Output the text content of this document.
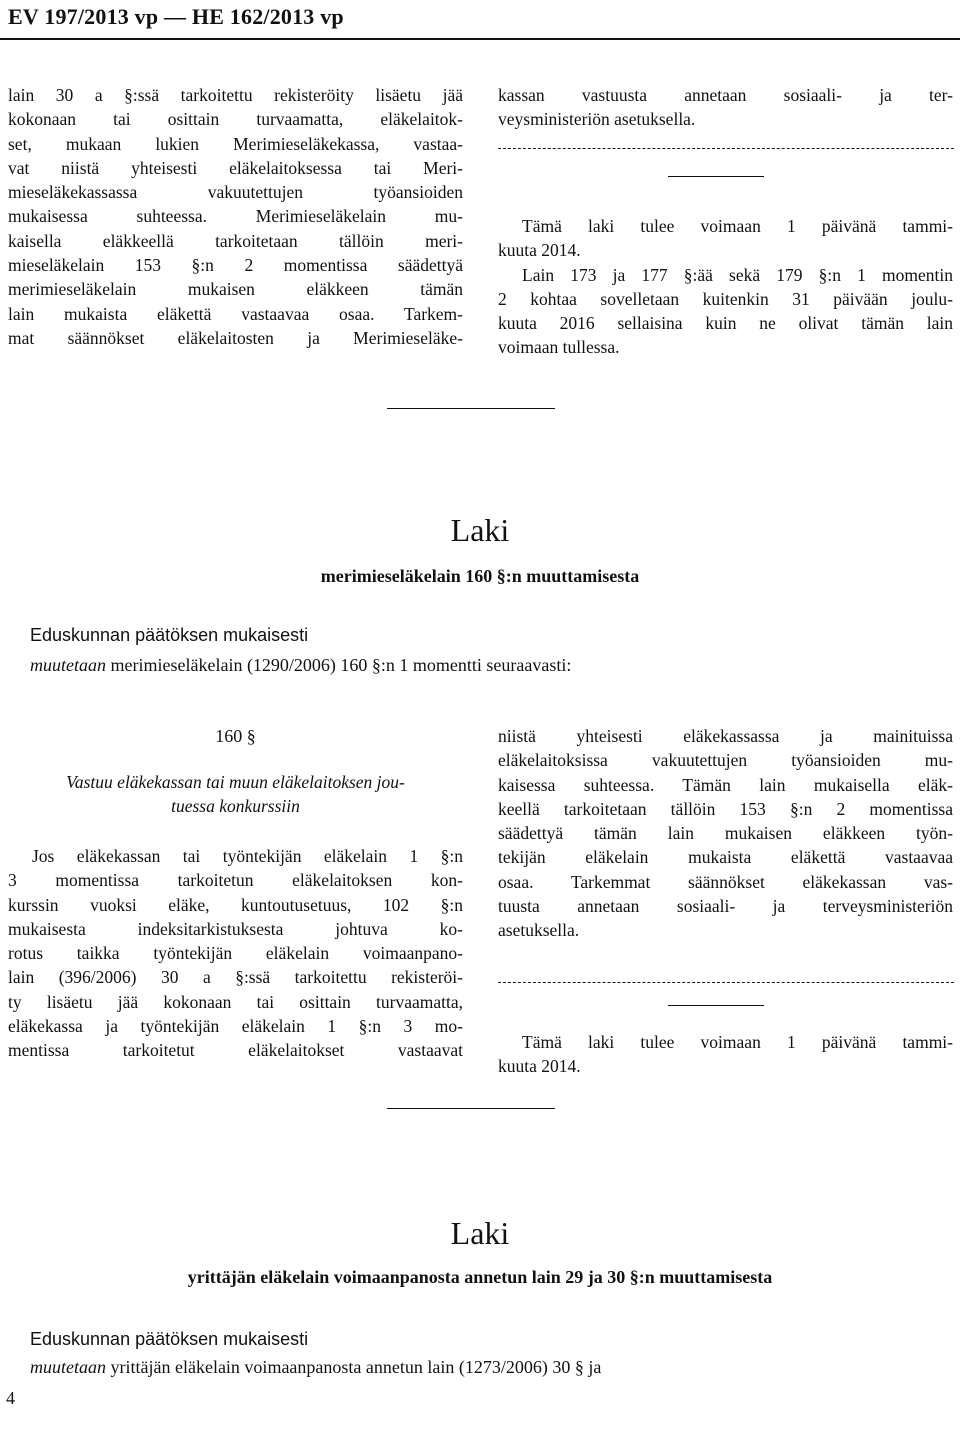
EV 197/2013 vp — HE 162/2013 vp

lain 30 a §:ssä tarkoitettu rekisteröity lisäetu jää

kokonaan tai osittain turvaamatta, eläkelaitok-

set, mukaan lukien Merimieseläkekassa, vastaa-

vat niistä yhteisesti eläkelaitoksessa tai Meri-

mieseläkekassassa vakuutettujen työansioiden

mukaisessa suhteessa. Merimieseläkelain mu-

kaisella eläkkeellä tarkoitetaan tällöin meri-

mieseläkelain 153 §:n 2 momentissa säädettyä

merimieseläkelain mukaisen eläkkeen tämän

lain mukaista eläkettä vastaavaa osaa. Tarkem-

mat säännökset eläkelaitosten ja Merimieseläke-

kassan vastuusta annetaan sosiaali- ja ter-

veysministeriön asetuksella.

Tämä laki tulee voimaan 1 päivänä tammi-

kuuta 2014.

Lain 173 ja 177 §:ää sekä 179 §:n 1 momentin

2 kohtaa sovelletaan kuitenkin 31 päivään joulu-

kuuta 2016 sellaisina kuin ne olivat tämän lain

voimaan tullessa.

Laki
merimieseläkelain 160 §:n muuttamisesta
Eduskunnan päätöksen mukaisesti
muutetaan merimieseläkelain (1290/2006) 160 §:n 1 momentti seuraavasti:
160 §

Vastuu eläkekassan tai muun eläkelaitoksen jou-

tuessa konkurssiin

Jos eläkekassan tai työntekijän eläkelain 1 §:n

3 momentissa tarkoitetun eläkelaitoksen kon-

kurssin vuoksi eläke, kuntoutusetuus, 102 §:n

mukaisesta indeksitarkistuksesta johtuva ko-

rotus taikka työntekijän eläkelain voimaanpano-

lain (396/2006) 30 a §:ssä tarkoitettu rekisteröi-

ty lisäetu jää kokonaan tai osittain turvaamatta,

eläkekassa ja työntekijän eläkelain 1 §:n 3 mo-

mentissa tarkoitetut eläkelaitokset vastaavat

niistä yhteisesti eläkekassassa ja mainituissa

eläkelaitoksissa vakuutettujen työansioiden mu-

kaisessa suhteessa. Tämän lain mukaisella eläk-

keellä tarkoitetaan tällöin 153 §:n 2 momentissa

säädettyä tämän lain mukaisen eläkkeen työn-

tekijän eläkelain mukaista eläkettä vastaavaa

osaa. Tarkemmat säännökset eläkekassan vas-

tuusta annetaan sosiaali- ja terveysministeriön

asetuksella.

Tämä laki tulee voimaan 1 päivänä tammi-

kuuta 2014.

Laki
yrittäjän eläkelain voimaanpanosta annetun lain 29 ja 30 §:n muuttamisesta
Eduskunnan päätöksen mukaisesti
muutetaan yrittäjän eläkelain voimaanpanosta annetun lain (1273/2006) 30 § ja
4
